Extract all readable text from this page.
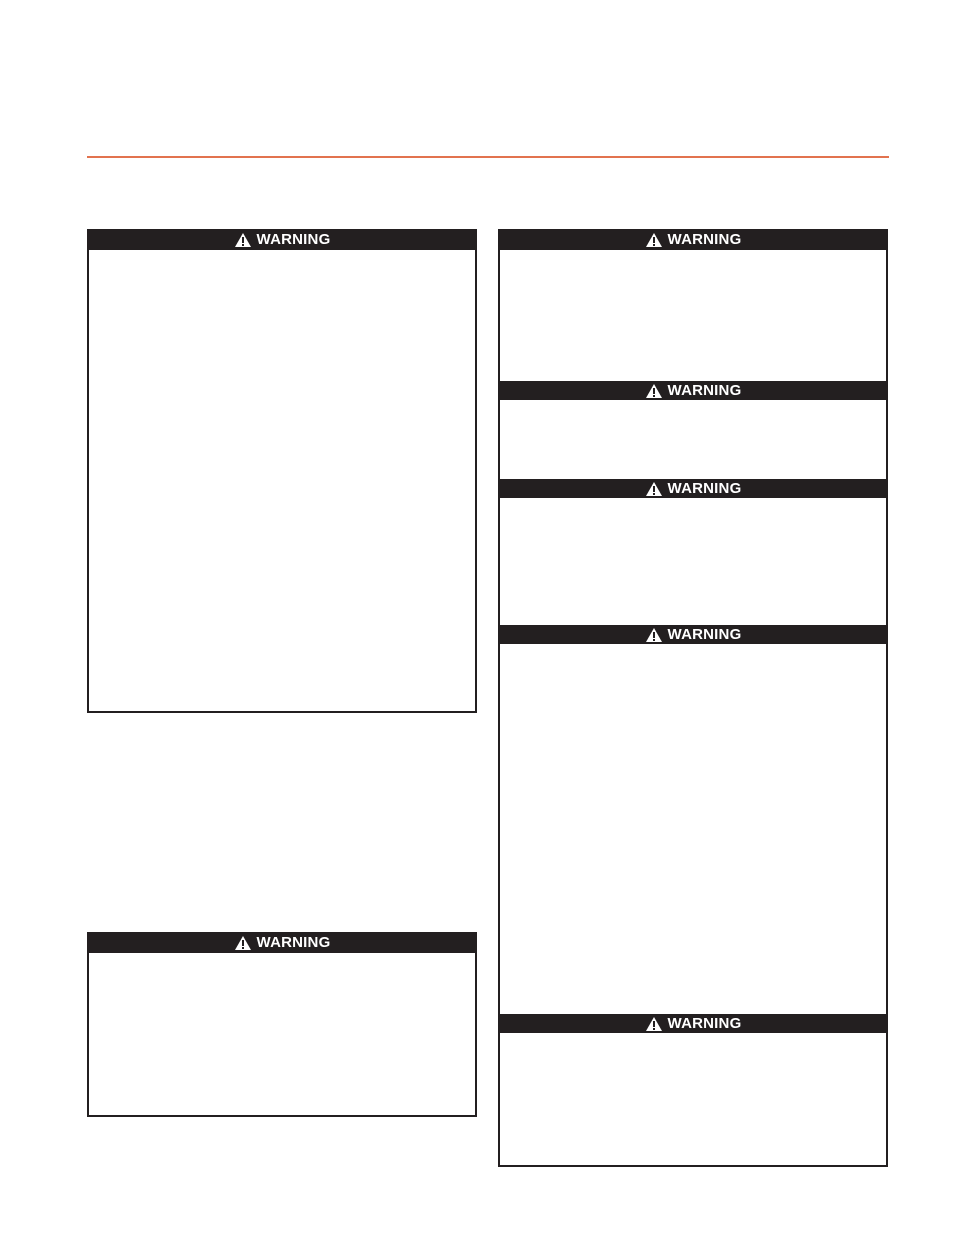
WARNING
WARNING
WARNING
WARNING
WARNING
WARNING
WARNING
